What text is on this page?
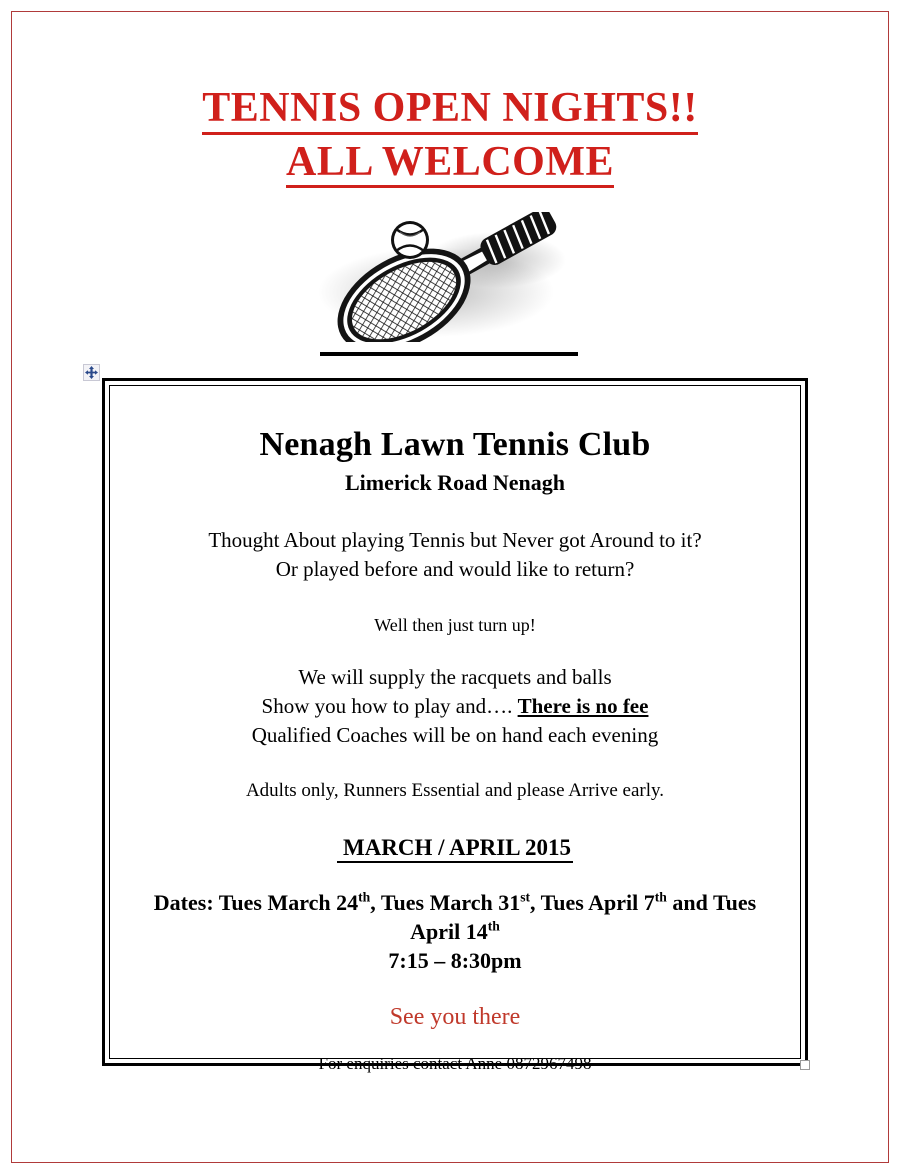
TENNIS OPEN NIGHTS!!
ALL WELCOME
Nenagh Lawn Tennis Club
Limerick Road Nenagh
Thought About playing Tennis but Never got Around to it?
Or played before and would like to return?
Well then just turn up!
We will supply the racquets and balls
Show you how to play and…. There is no fee
Qualified Coaches will be on hand each evening
Adults only, Runners Essential and please Arrive early.
MARCH / APRIL 2015
Dates: Tues March 24th, Tues March 31st, Tues April 7th and Tues April 14th
7:15 – 8:30pm
See you there
For enquiries contact Anne 0872967498
